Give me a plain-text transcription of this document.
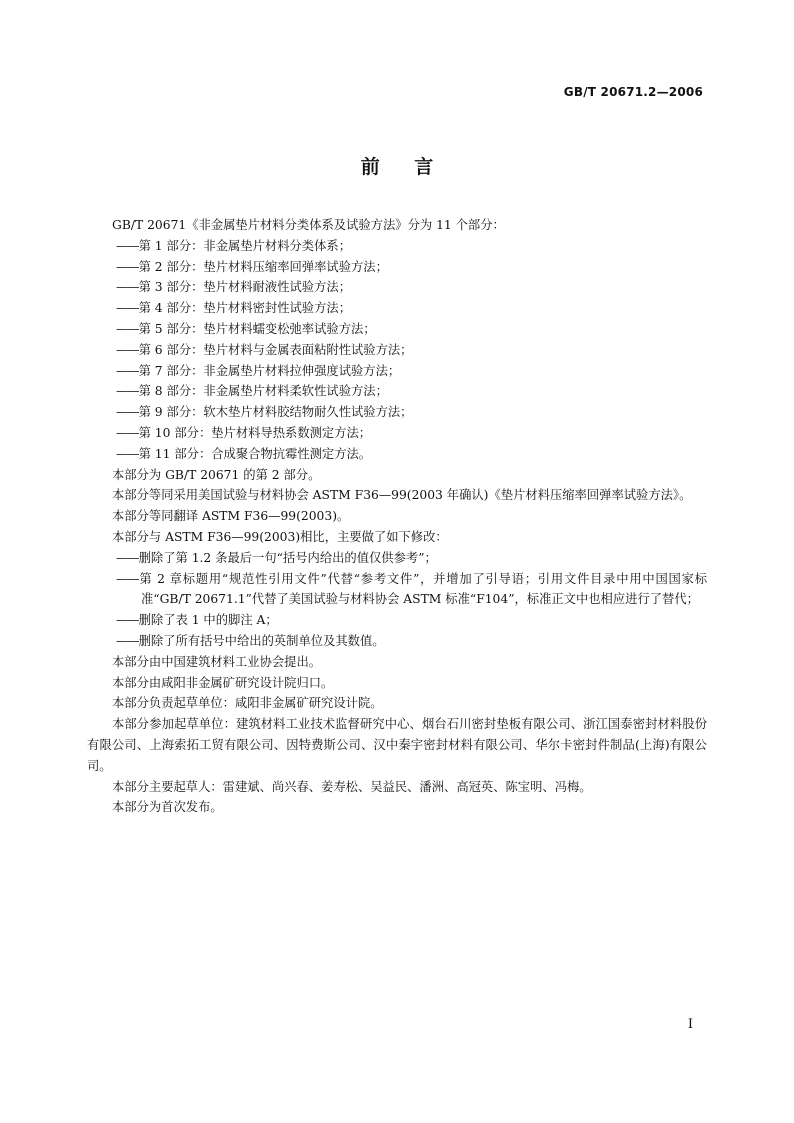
GB/T 20671.2—2006
前 言

GB/T 20671《非金属垫片材料分类体系及试验方法》分为 11 个部分：

—— 第 1 部分：非金属垫片材料分类体系；

—— 第 2 部分：垫片材料压缩率回弹率试验方法；

—— 第 3 部分：垫片材料耐液性试验方法；

—— 第 4 部分：垫片材料密封性试验方法；

—— 第 5 部分：垫片材料蠕变松弛率试验方法；

—— 第 6 部分：垫片材料与金属表面粘附性试验方法；

—— 第 7 部分：非金属垫片材料拉伸强度试验方法；

—— 第 8 部分：非金属垫片材料柔软性试验方法；

—— 第 9 部分：软木垫片材料胶结物耐久性试验方法；

—— 第 10 部分：垫片材料导热系数测定方法；

—— 第 11 部分：合成聚合物抗霉性测定方法。

本部分为 GB/T 20671 的第 2 部分。

本部分等同采用美国试验与材料协会 ASTM F36—99(2003 年确认)《垫片材料压缩率回弹率试验方法》。

本部分等同翻译 ASTM F36—99(2003)。

本部分与 ASTM F36—99(2003)相比，主要做了如下修改：

—— 删除了第 1.2 条最后一句“括号内给出的值仅供参考”；

—— 第 2 章标题用“规范性引用文件”代替“参考文件”，并增加了引导语；引用文件目录中用中国国家标准“GB/T 20671.1”代替了美国试验与材料协会 ASTM 标准“F104”，标准正文中也相应进行了替代；

—— 删除了表 1 中的脚注 A；

—— 删除了所有括号中给出的英制单位及其数值。

本部分由中国建筑材料工业协会提出。

本部分由咸阳非金属矿研究设计院归口。

本部分负责起草单位：咸阳非金属矿研究设计院。

本部分参加起草单位：建筑材料工业技术监督研究中心、烟台石川密封垫板有限公司、浙江国泰密封材料股份有限公司、上海索拓工贸有限公司、因特费斯公司、汉中秦宇密封材料有限公司、华尔卡密封件制品(上海)有限公司。

本部分主要起草人：雷建斌、尚兴春、姜寿松、吴益民、潘洲、高冠英、陈宝明、冯梅。

本部分为首次发布。

I
